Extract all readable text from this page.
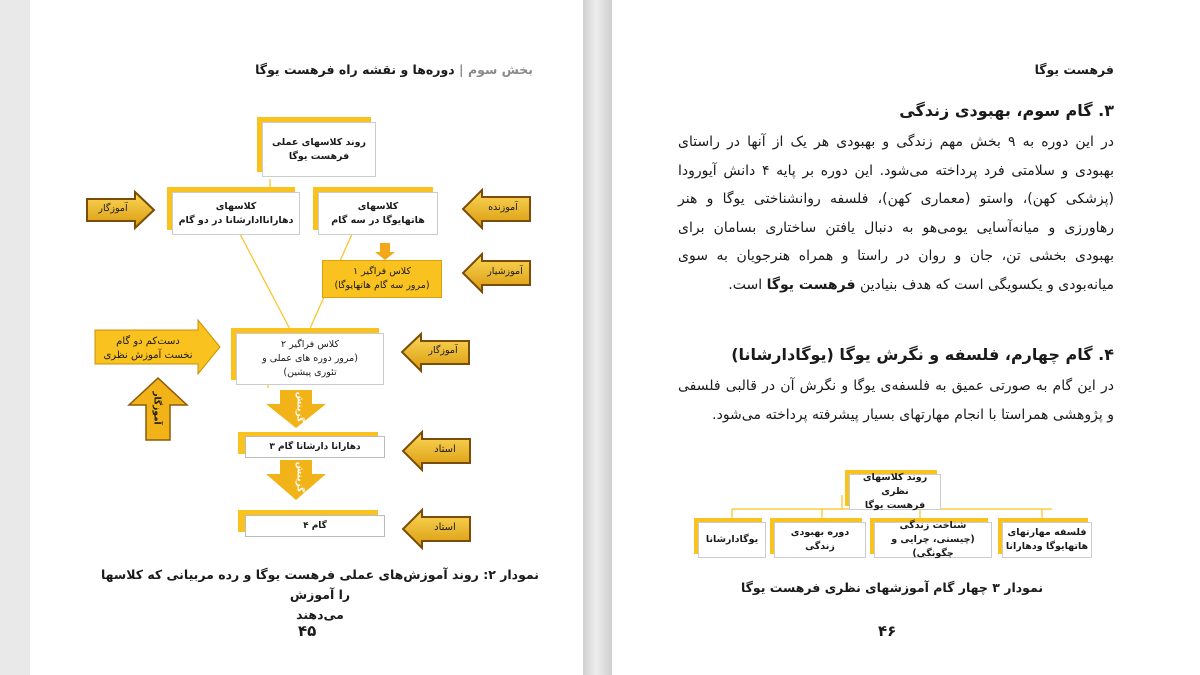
بخش سوم | دوره‌ها و نقشه راه فرهست یوگا
روند کلاسهای عملی
فرهست یوگا
کلاسهای
دهاراناادارشانا در دو گام
کلاسهای
هاتهایوگا در سه گام
کلاس فراگیر ۱
(مرور سه گام هاتهایوگا)
کلاس فراگیر ۲
(مرور دوره های عملی و
تئوری پیشین)
دهارانا دارشانا گام ۳
گام ۴
گزینش
گزینش
دست‌کم دو گام
نخست آموزش نظری
آموزگار
آموزگار	آموزنده
آموزشیار
آموزگار
استاد
استاد
نمودار ۲: روند آموزش‌های عملی فرهست یوگا و رده مربیانی که کلاسها را آموزش
می‌دهند
۴۵
فرهست یوگا
۳. گام سوم، بهبودی زندگی

در این دوره به ۹ بخش مهم زندگی و بهبودی هر یک از آنها در راستای بهبودی و سلامتی فرد پرداخته می‌شود. این دوره بر پایه ۴ دانش آیورودا (پزشکی کهن)، واستو (معماری کهن)، فلسفه روانشناختی یوگا و هنر رهاورزی و میانه‌آسایی یومی‌هو به دنبال یافتن ساختاری بسامان برای بهبودی بخشی تن، جان و روان در راستا و همراه هنرجویان به سوی میانه‌بودی و یکسویگی است که هدف بنیادین فرهست یوگا است.

۴. گام چهارم، فلسفه و نگرش یوگا (یوگادارشانا)

در این گام به صورتی عمیق به فلسفه‌ی یوگا و نگرش آن در قالبی فلسفی و پژوهشی همراستا با انجام مهارتهای بسیار پیشرفته پرداخته می‌شود.

روند کلاسهای نظری
فرهست یوگا
فلسفه مهارتهای
هاتهایوگا ودهارانا
شناخت زندگی
(چیستی، چرایی و چگونگی)
دوره بهبودی زندگی
یوگادارشانا
نمودار ۳ چهار گام آموزشهای نظری فرهست یوگا
۴۶
